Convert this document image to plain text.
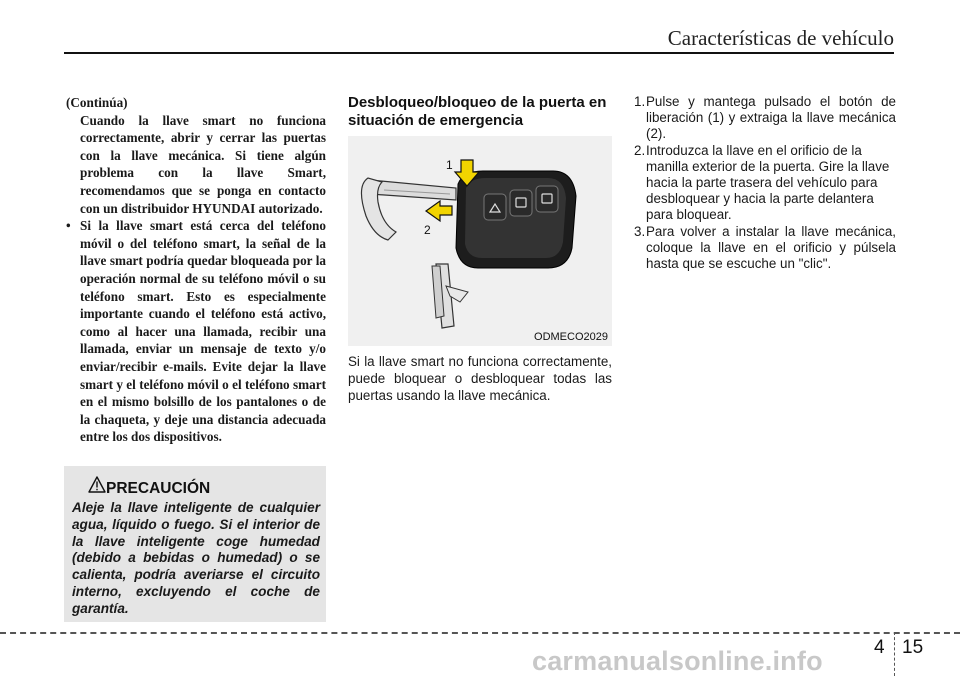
Características de vehículo
(Continúa)
Cuando la llave smart no funciona correctamente, abrir y cerrar las puertas con la llave mecánica. Si tiene algún problema con la llave Smart, recomendamos que se ponga en contacto con un distribuidor HYUNDAI autorizado.
• Si la llave smart está cerca del teléfono móvil o del teléfono smart, la señal de la llave smart podría quedar bloqueada por la operación normal de su teléfono móvil o su teléfono smart. Esto es especialmente importante cuando el teléfono está activo, como al hacer una llamada, recibir una llamada, enviar un mensaje de texto y/o enviar/recibir e-mails. Evite dejar la llave smart y el teléfono móvil o el teléfono smart en el mismo bolsillo de los pantalones o de la chaqueta, y deje una distancia adecuada entre los dos dispositivos.
PRECAUCIÓN
Aleje la llave inteligente de cualquier agua, líquido o fuego. Si el interior de la llave inteligente coge humedad (debido a bebidas o humedad) o se calienta, podría averiarse el circuito interno, excluyendo el coche de garantía.
Desbloqueo/bloqueo de la puerta en situación de emergencia
1
2
ODMECO2029
Si la llave smart no funciona correctamente, puede bloquear o desbloquear todas las puertas usando la llave mecánica.
1. Pulse y mantega pulsado el botón de liberación (1) y extraiga la llave mecánica (2).
2. Introduzca la llave en el orificio de la manilla exterior de la puerta. Gire la llave hacia la parte trasera del vehículo para desbloquear y hacia la parte delantera para bloquear.
3. Para volver a instalar la llave mecánica, coloque la llave en el orificio y púlsela hasta que se escuche un "clic".
4 15
carmanualsonline.info
